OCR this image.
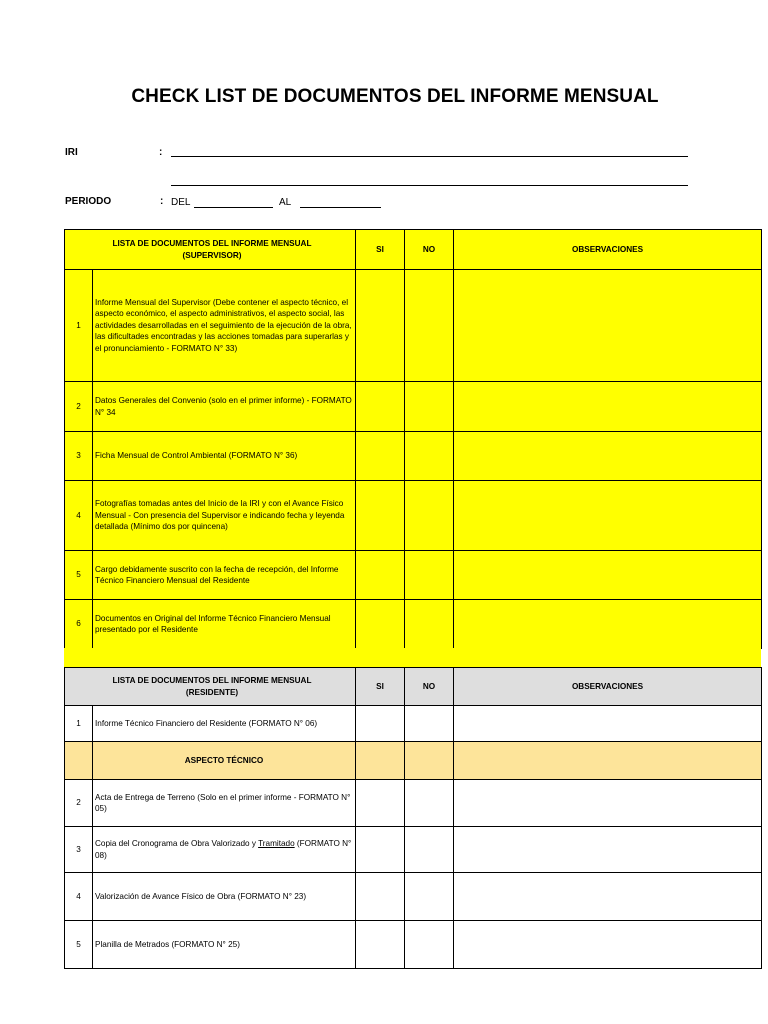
CHECK LIST DE DOCUMENTOS DEL INFORME MENSUAL
IRI	:
PERIODO	: DEL	AL
LISTA DE DOCUMENTOS DEL INFORME MENSUAL (SUPERVISOR)		SI	NO	OBSERVACIONES
1	Informe Mensual del Supervisor (Debe contener el aspecto técnico, el aspecto económico, el aspecto administrativos, el aspecto social, las actividades desarrolladas en el seguimiento de la ejecución de la obra, las dificultades encontradas y las acciones tomadas para superarlas y el pronunciamiento - FORMATO N° 33)			
2	Datos Generales del Convenio (solo en el primer informe) - FORMATO N° 34			
3	Ficha Mensual de Control Ambiental (FORMATO N° 36)			
4	Fotografías tomadas antes del Inicio de la IRI y con el Avance Físico Mensual - Con presencia del Supervisor e indicando fecha y leyenda detallada (Mínimo dos por quincena)			
5	Cargo debidamente suscrito con la fecha de recepción, del Informe Técnico Financiero Mensual del Residente			
6	Documentos en Original del Informe Técnico Financiero Mensual presentado por el Residente			
LISTA DE DOCUMENTOS DEL INFORME MENSUAL (RESIDENTE)		SI	NO	OBSERVACIONES
1	Informe Técnico Financiero del Residente (FORMATO N° 06)			
	ASPECTO TÉCNICO			
2	Acta de Entrega de Terreno (Solo en el primer informe - FORMATO N° 05)			
3	Copia del Cronograma de Obra Valorizado y Tramitado (FORMATO N° 08)			
4	Valorización de Avance Físico de Obra (FORMATO N° 23)			
5	Planilla de Metrados (FORMATO N° 25)			
